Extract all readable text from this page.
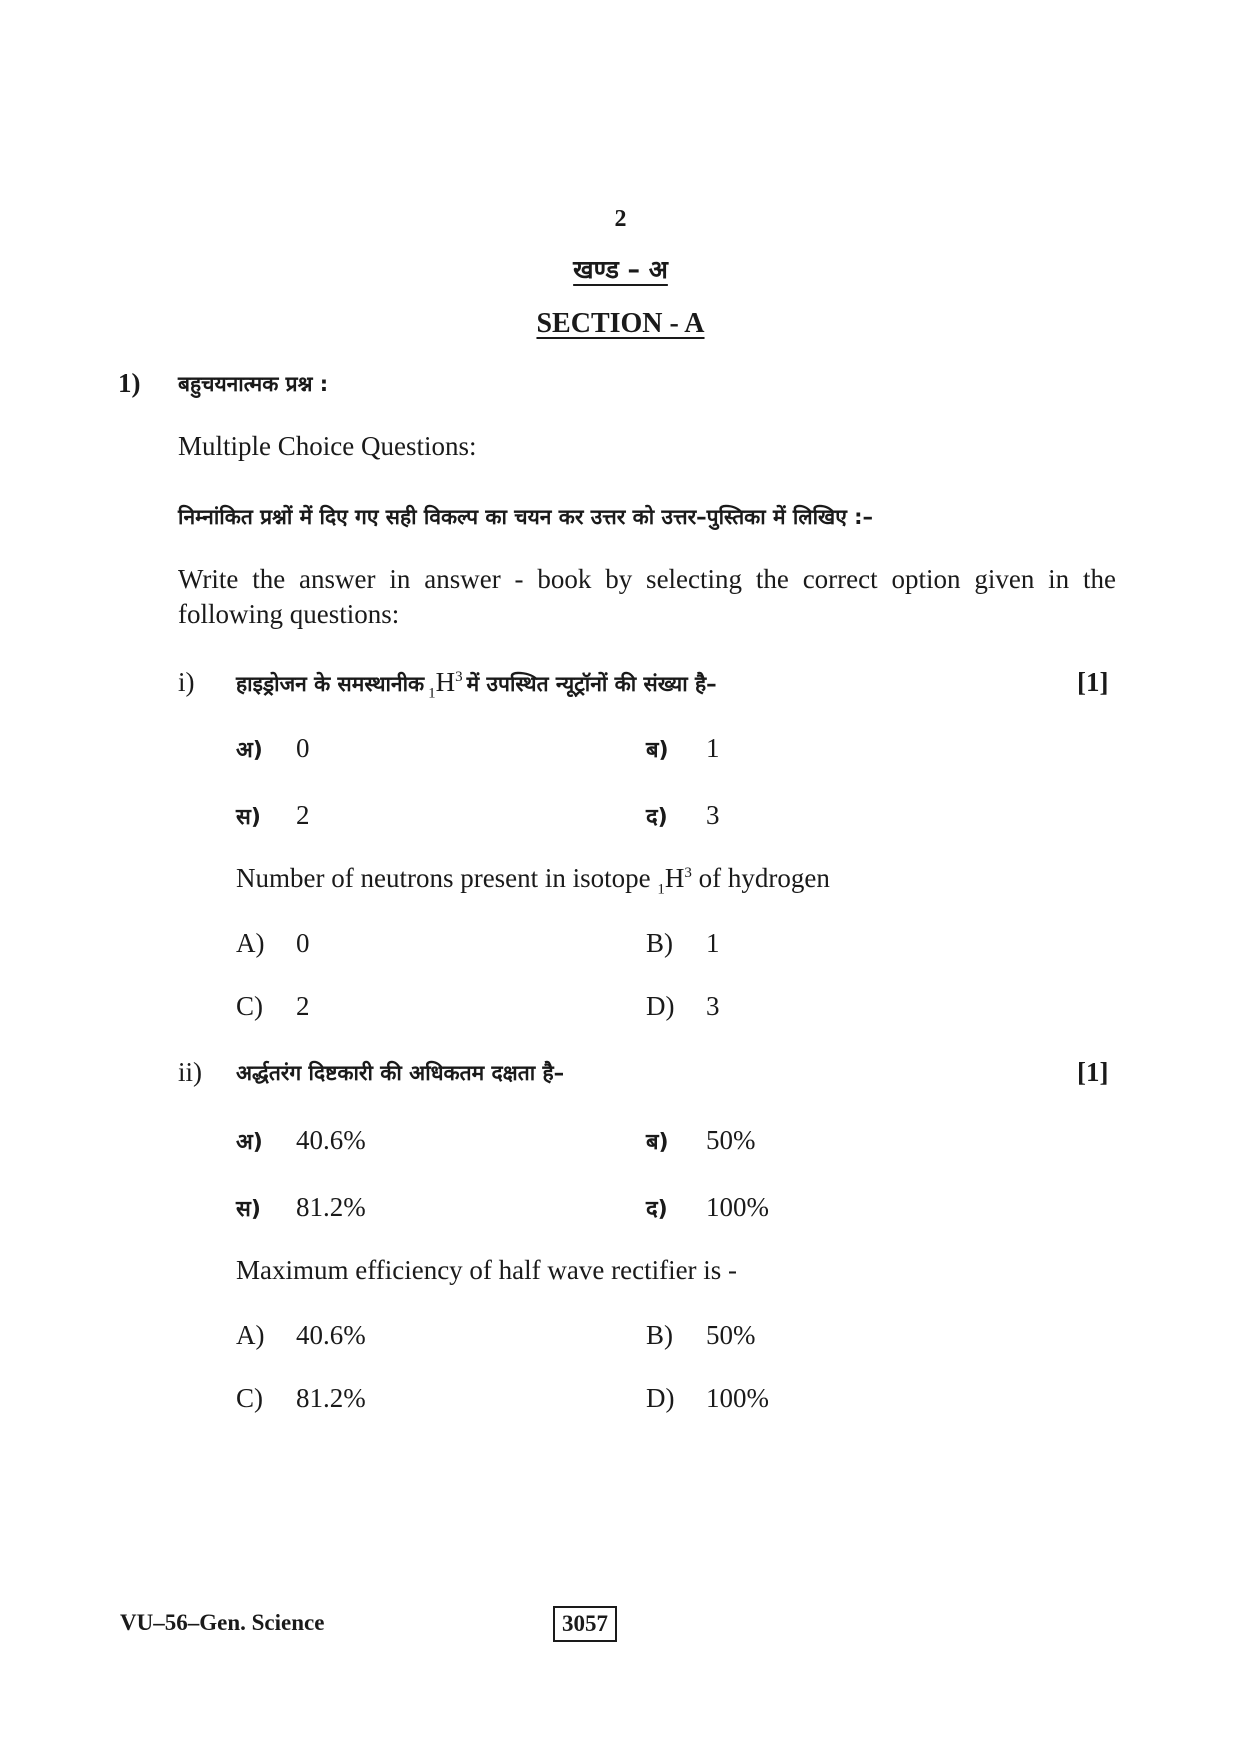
2
खण्ड – अ
SECTION - A
1) बहुचयनात्मक प्रश्न :
Multiple Choice Questions:
निम्नांकित प्रश्नों में दिए गए सही विकल्प का चयन कर उत्तर को उत्तर–पुस्तिका में लिखिए :–
Write the answer in answer - book by selecting the correct option given in the
following questions:
i) हाइड्रोजन के समस्थानीक $_1H^3$ में उपस्थित न्यूट्रॉनों की संख्या है–	[1]
अ) 0	ब) 1
स) 2	द) 3
Number of neutrons present in isotope $_1H^3$ of hydrogen
A) 0	B) 1
C) 2	D) 3
ii) अर्द्धतरंग दिष्टकारी की अधिकतम दक्षता है–	[1]
अ) 40.6%	ब) 50%
स) 81.2%	द) 100%
Maximum efficiency of half wave rectifier is -
A) 40.6%	B) 50%
C) 81.2%	D) 100%
VU–56–Gen. Science	3057
